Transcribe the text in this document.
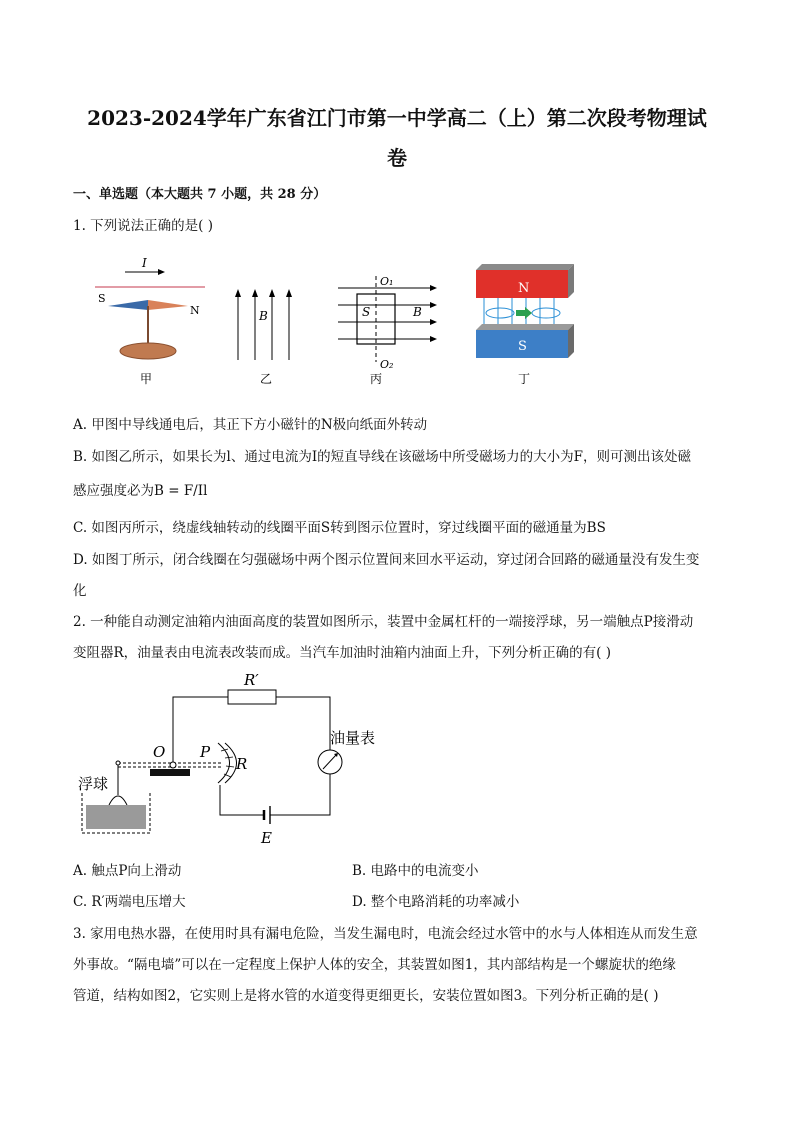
2023-2024学年广东省江门市第一中学高二（上）第二次段考物理试
卷
一、单选题（本大题共 7 小题，共 28 分）
1. 下列说法正确的是( )
I
S
N
甲
B
乙
O₁
O₂
S	B
丙
N
S
丁
A. 甲图中导线通电后，其正下方小磁针的N极向纸面外转动
B. 如图乙所示，如果长为l、通过电流为I的短直导线在该磁场中所受磁场力的大小为F，则可测出该处磁
感应强度必为B = F/Il
C. 如图丙所示，绕虚线轴转动的线圈平面S转到图示位置时，穿过线圈平面的磁通量为BS
D. 如图丁所示，闭合线圈在匀强磁场中两个图示位置间来回水平运动，穿过闭合回路的磁通量没有发生变
化
2. 一种能自动测定油箱内油面高度的装置如图所示，装置中金属杠杆的一端接浮球，另一端触点P接滑动
变阻器R，油量表由电流表改装而成。当汽车加油时油箱内油面上升，下列分析正确的有( )
R′
O P
R
油量表
浮球
E
A. 触点P向上滑动	B. 电路中的电流变小
C. R′两端电压增大	D. 整个电路消耗的功率减小
3. 家用电热水器，在使用时具有漏电危险，当发生漏电时，电流会经过水管中的水与人体相连从而发生意
外事故。“隔电墙”可以在一定程度上保护人体的安全，其装置如图1，其内部结构是一个螺旋状的绝缘
管道，结构如图2，它实则上是将水管的水道变得更细更长，安装位置如图3。下列分析正确的是( )
